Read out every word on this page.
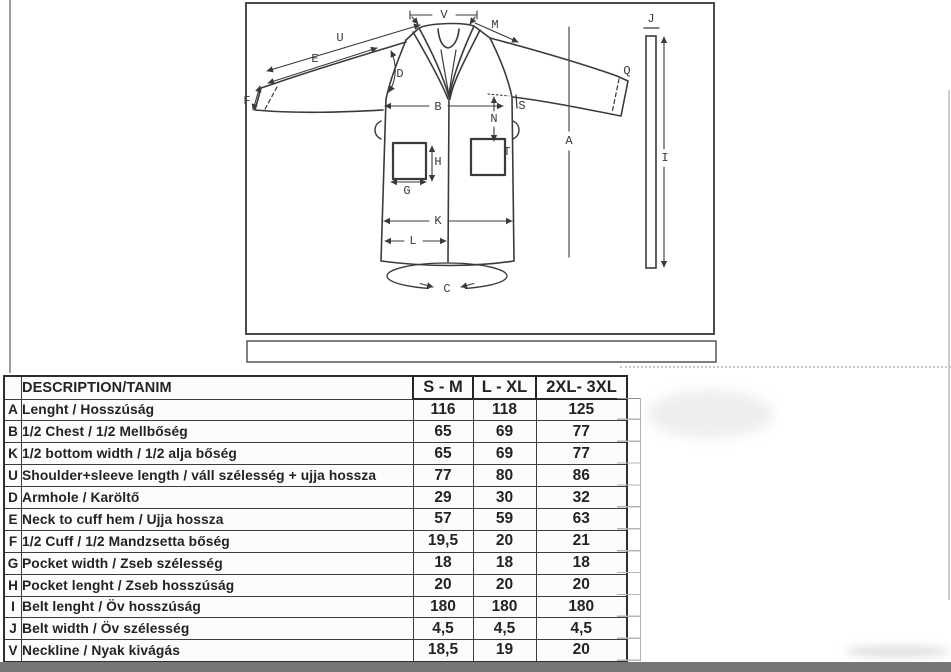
V
M
U
E
D
F	B	S
N
T
H
G
K
L
C
A
Q
J
I
	DESCRIPTION/TANIM	S - M	L - XL	2XL- 3XL
A	Lenght / Hosszúság	116	118	125
B	1/2 Chest / 1/2 Mellbőség	65	69	77
K	1/2 bottom width / 1/2 alja bőség	65	69	77
U	Shoulder+sleeve length / váll szélesség + ujja hossza	77	80	86
D	Armhole / Karöltő	29	30	32
E	Neck to cuff hem / Ujja hossza	57	59	63
F	1/2 Cuff / 1/2 Mandzsetta bőség	19,5	20	21
G	Pocket width / Zseb szélesség	18	18	18
H	Pocket lenght / Zseb hosszúság	20	20	20
I	Belt lenght / Öv hosszúság	180	180	180
J	Belt width / Öv szélesség	4,5	4,5	4,5
V	Neckline / Nyak kivágás	18,5	19	20
